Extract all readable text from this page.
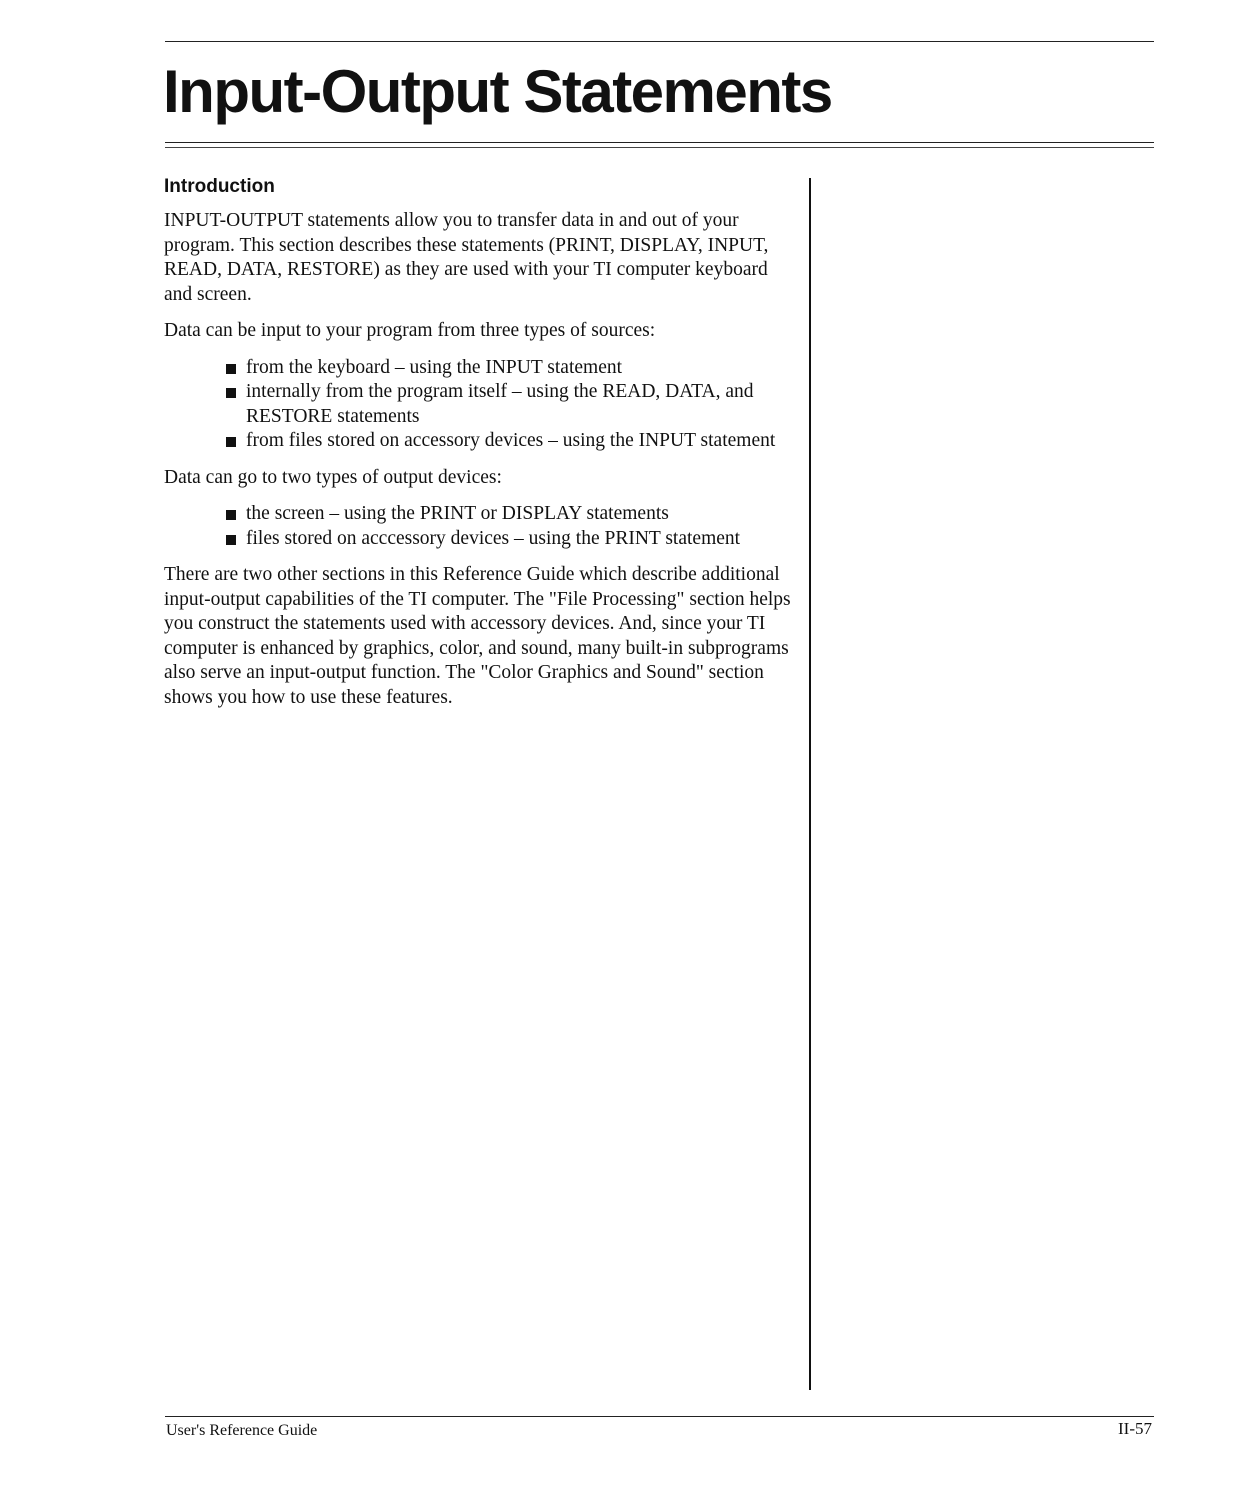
Input-Output Statements
Introduction

INPUT-OUTPUT statements allow you to transfer data in and out of your program. This section describes these statements (PRINT, DISPLAY, INPUT, READ, DATA, RESTORE) as they are used with your TI computer keyboard and screen.

Data can be input to your program from three types of sources:

from the keyboard – using the INPUT statement
internally from the program itself – using the READ, DATA, and RESTORE statements
from files stored on accessory devices – using the INPUT statement

Data can go to two types of output devices:

the screen – using the PRINT or DISPLAY statements
files stored on acccessory devices – using the PRINT statement

There are two other sections in this Reference Guide which describe additional input-output capabilities of the TI computer. The "File Processing" section helps you construct the statements used with accessory devices. And, since your TI computer is enhanced by graphics, color, and sound, many built-in subprograms also serve an input-output function. The "Color Graphics and Sound" section shows you how to use these features.

User's Reference Guide	II-57
